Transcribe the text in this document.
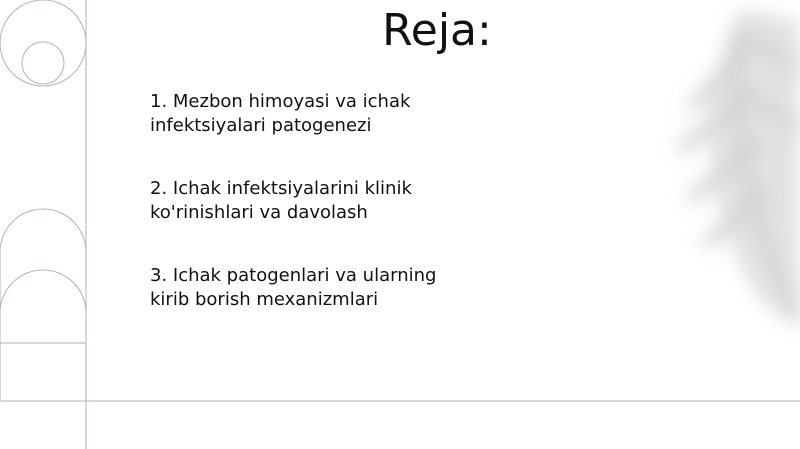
Reja:
1. Mezbon himoyasi va ichak infektsiyalari patogenezi
2. Ichak infektsiyalarini klinik ko'rinishlari va davolash
3. Ichak patogenlari va ularning kirib borish mexanizmlari
